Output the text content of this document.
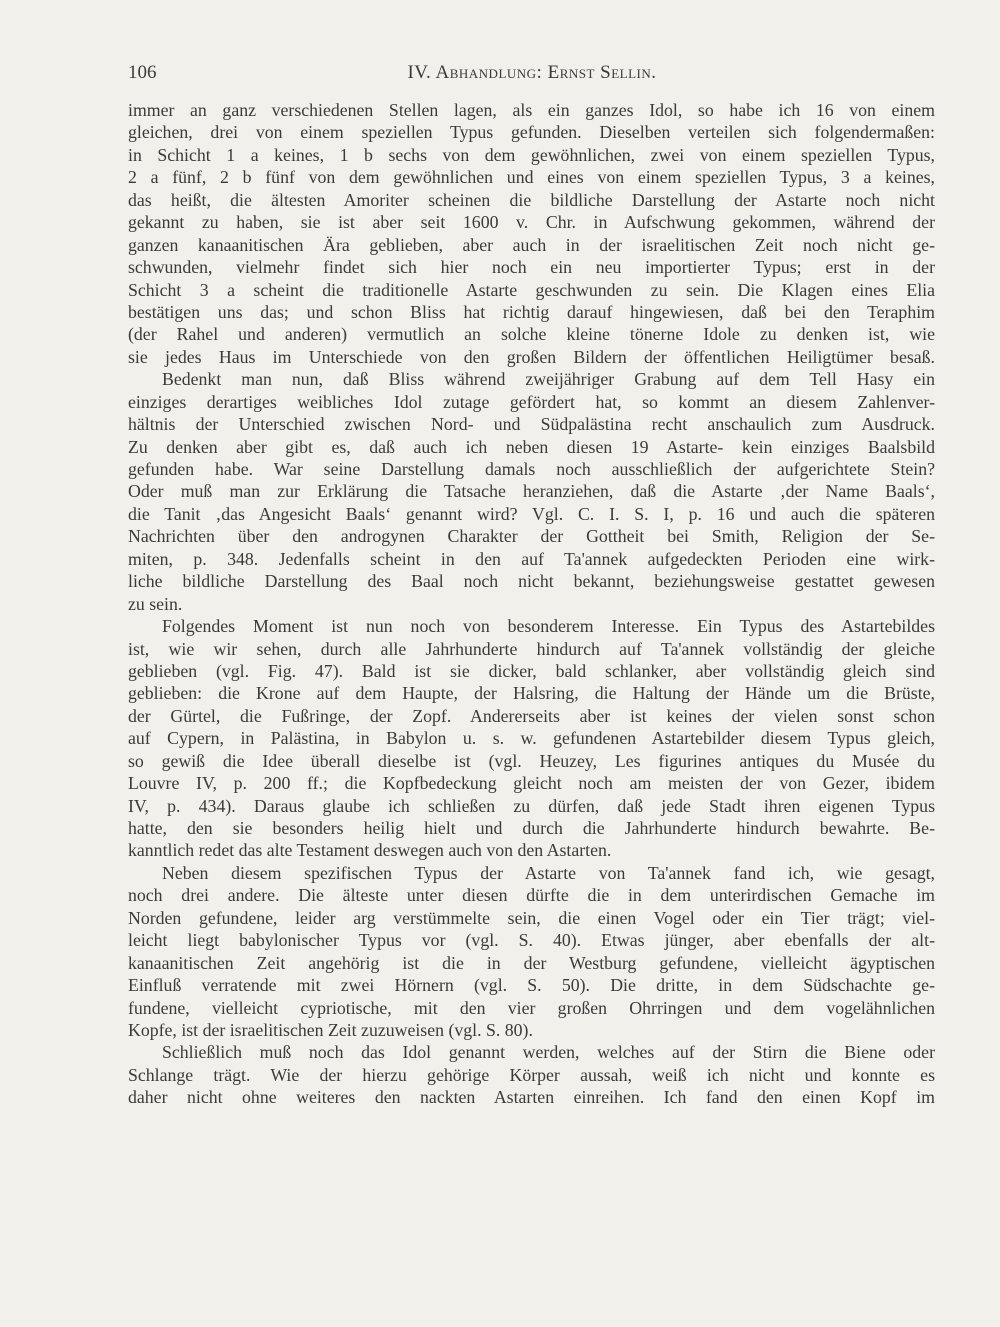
106	IV. Abhandlung: Ernst Sellin.
immer an ganz verschiedenen Stellen lagen, als ein ganzes Idol, so habe ich 16 von einem
gleichen, drei von einem speziellen Typus gefunden. Dieselben verteilen sich folgendermaßen:
in Schicht 1 a keines, 1 b sechs von dem gewöhnlichen, zwei von einem speziellen Typus,
2 a fünf, 2 b fünf von dem gewöhnlichen und eines von einem speziellen Typus, 3 a keines,
das heißt, die ältesten Amoriter scheinen die bildliche Darstellung der Astarte noch nicht
gekannt zu haben, sie ist aber seit 1600 v. Chr. in Aufschwung gekommen, während der
ganzen kanaanitischen Ära geblieben, aber auch in der israelitischen Zeit noch nicht ge-
schwunden, vielmehr findet sich hier noch ein neu importierter Typus; erst in der
Schicht 3 a scheint die traditionelle Astarte geschwunden zu sein. Die Klagen eines Elia
bestätigen uns das; und schon Bliss hat richtig darauf hingewiesen, daß bei den Teraphim
(der Rahel und anderen) vermutlich an solche kleine tönerne Idole zu denken ist, wie
sie jedes Haus im Unterschiede von den großen Bildern der öffentlichen Heiligtümer besaß.
Bedenkt man nun, daß Bliss während zweijähriger Grabung auf dem Tell Hasy ein
einziges derartiges weibliches Idol zutage gefördert hat, so kommt an diesem Zahlenver-
hältnis der Unterschied zwischen Nord- und Südpalästina recht anschaulich zum Ausdruck.
Zu denken aber gibt es, daß auch ich neben diesen 19 Astarte- kein einziges Baalsbild
gefunden habe. War seine Darstellung damals noch ausschließlich der aufgerichtete Stein?
Oder muß man zur Erklärung die Tatsache heranziehen, daß die Astarte ‚der Name Baals‘,
die Tanit ‚das Angesicht Baals‘ genannt wird? Vgl. C. I. S. I, p. 16 und auch die späteren
Nachrichten über den androgynen Charakter der Gottheit bei Smith, Religion der Se-
miten, p. 348. Jedenfalls scheint in den auf Ta'annek aufgedeckten Perioden eine wirk-
liche bildliche Darstellung des Baal noch nicht bekannt, beziehungsweise gestattet gewesen
zu sein.
Folgendes Moment ist nun noch von besonderem Interesse. Ein Typus des Astartebildes
ist, wie wir sehen, durch alle Jahrhunderte hindurch auf Ta'annek vollständig der gleiche
geblieben (vgl. Fig. 47). Bald ist sie dicker, bald schlanker, aber vollständig gleich sind
geblieben: die Krone auf dem Haupte, der Halsring, die Haltung der Hände um die Brüste,
der Gürtel, die Fußringe, der Zopf. Andererseits aber ist keines der vielen sonst schon
auf Cypern, in Palästina, in Babylon u. s. w. gefundenen Astartebilder diesem Typus gleich,
so gewiß die Idee überall dieselbe ist (vgl. Heuzey, Les figurines antiques du Musée du
Louvre IV, p. 200 ff.; die Kopfbedeckung gleicht noch am meisten der von Gezer, ibidem
IV, p. 434). Daraus glaube ich schließen zu dürfen, daß jede Stadt ihren eigenen Typus
hatte, den sie besonders heilig hielt und durch die Jahrhunderte hindurch bewahrte. Be-
kanntlich redet das alte Testament deswegen auch von den Astarten.
Neben diesem spezifischen Typus der Astarte von Ta'annek fand ich, wie gesagt,
noch drei andere. Die älteste unter diesen dürfte die in dem unterirdischen Gemache im
Norden gefundene, leider arg verstümmelte sein, die einen Vogel oder ein Tier trägt; viel-
leicht liegt babylonischer Typus vor (vgl. S. 40). Etwas jünger, aber ebenfalls der alt-
kanaanitischen Zeit angehörig ist die in der Westburg gefundene, vielleicht ägyptischen
Einfluß verratende mit zwei Hörnern (vgl. S. 50). Die dritte, in dem Südschachte ge-
fundene, vielleicht cypriotische, mit den vier großen Ohrringen und dem vogelähnlichen
Kopfe, ist der israelitischen Zeit zuzuweisen (vgl. S. 80).
Schließlich muß noch das Idol genannt werden, welches auf der Stirn die Biene oder
Schlange trägt. Wie der hierzu gehörige Körper aussah, weiß ich nicht und konnte es
daher nicht ohne weiteres den nackten Astarten einreihen. Ich fand den einen Kopf im
